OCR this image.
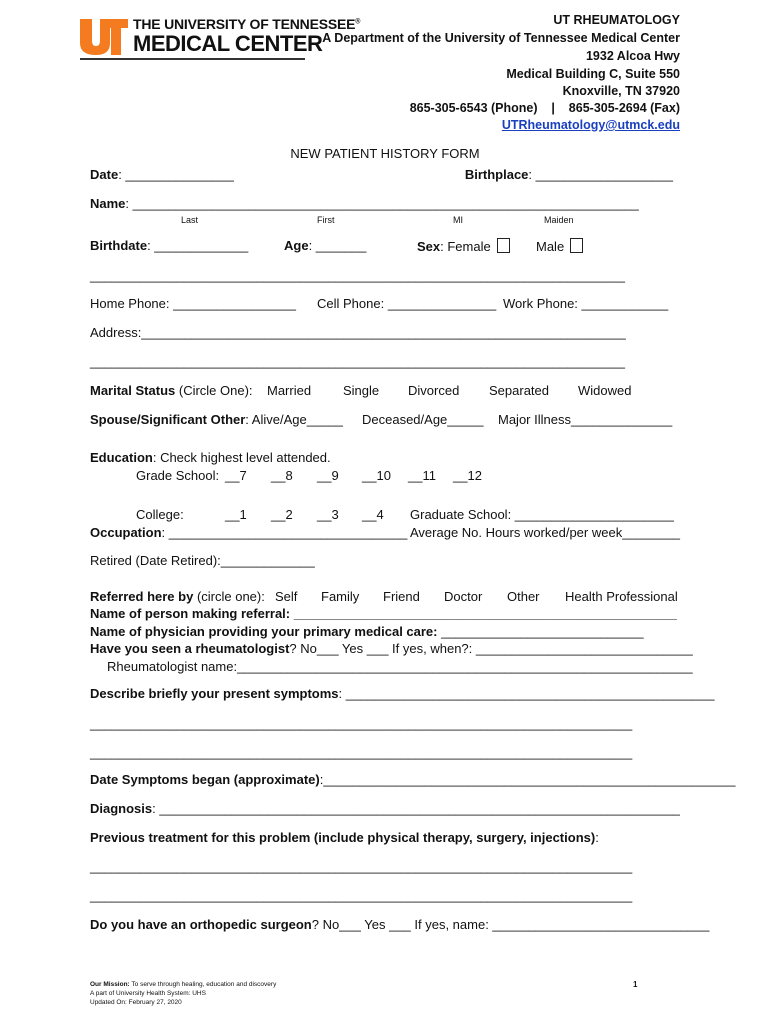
THE UNIVERSITY OF TENNESSEE®
MEDICAL CENTER
UT RHEUMATOLOGY
A Department of the University of Tennessee Medical Center
1932 Alcoa Hwy
Medical Building C, Suite 550
Knoxville, TN 37920
865-305-6543 (Phone)    |    865-305-2694 (Fax)
UTRheumatology@utmck.edu
NEW PATIENT HISTORY FORM
Date: _______________	Birthplace: ___________________
Name: ______________________________________________________________________
Last	First	MI	Maiden
Birthdate: _____________	Age: _______	Sex: Female	Male
__________________________________________________________________________
Home Phone: _________________ Cell Phone: _______________ Work Phone: ____________
Address:___________________________________________________________________
__________________________________________________________________________
Marital Status (Circle One): Married Single Divorced Separated Widowed
Spouse/Significant Other: Alive/Age_____ Deceased/Age_____ Major Illness______________
Education: Check highest level attended.
Grade School: __7 __8 __9 __10 __11 __12
College:	__1 __2 __3 __4 Graduate School: ______________________
Occupation: _________________________________ Average No. Hours worked/per week________
Retired (Date Retired):_____________
Referred here by (circle one): Self Family Friend Doctor Other Health Professional
Name of person making referral: _____________________________________________________
Name of physician providing your primary medical care: ____________________________
Have you seen a rheumatologist? No___ Yes ___ If yes, when?: ______________________________
Rheumatologist name:_______________________________________________________________
Describe briefly your present symptoms: ___________________________________________________
___________________________________________________________________________
___________________________________________________________________________
Date Symptoms began (approximate):_________________________________________________________
Diagnosis: ________________________________________________________________________
Previous treatment for this problem (include physical therapy, surgery, injections):
___________________________________________________________________________
___________________________________________________________________________
Do you have an orthopedic surgeon? No___ Yes ___ If yes, name: ______________________________
Our Mission: To serve through healing, education and discovery
A part of University Health System: UHS
Updated On: February 27, 2020
1
